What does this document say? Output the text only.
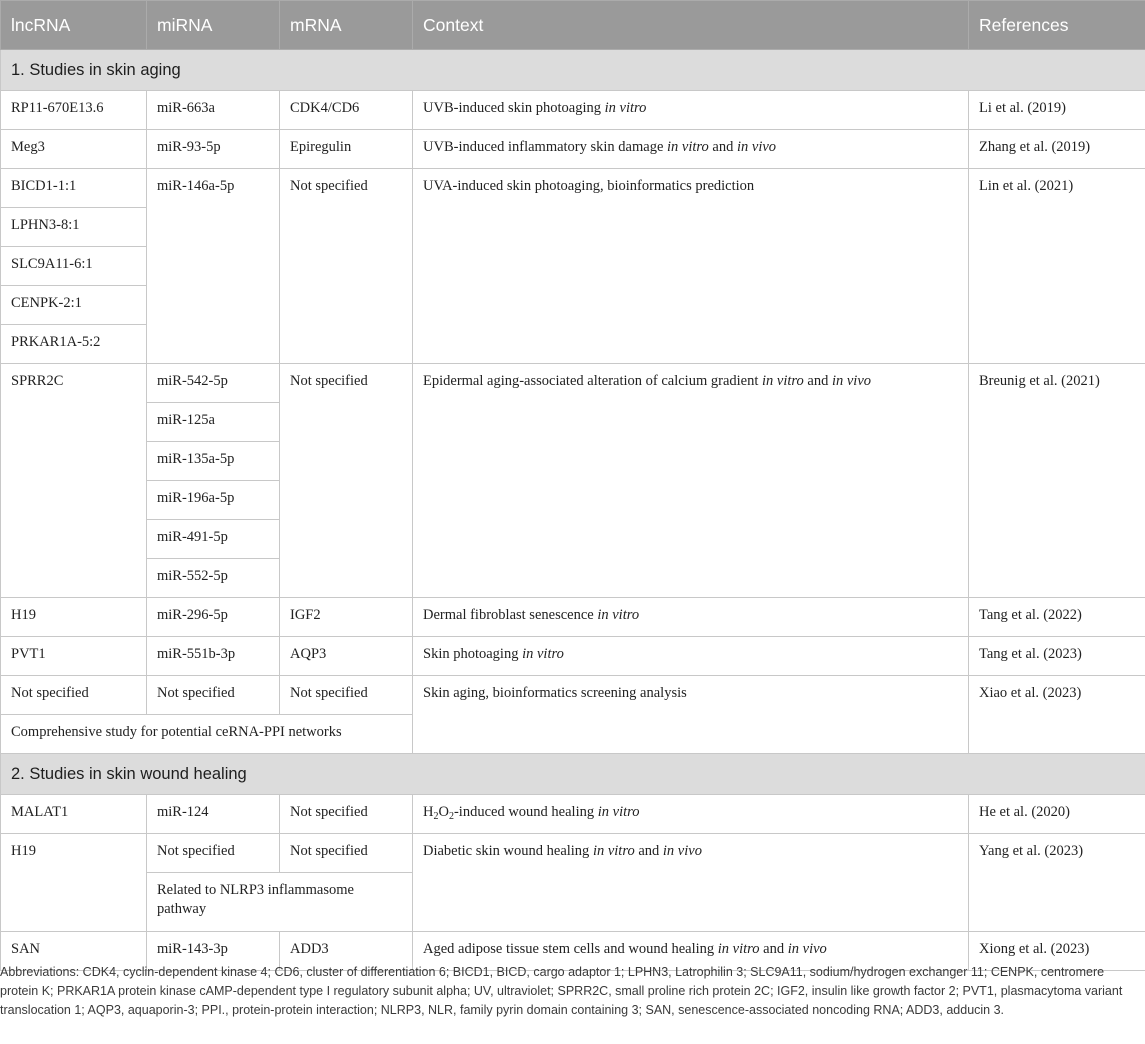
lncRNA	miRNA	mRNA	Context	References
1. Studies in skin aging				
RP11-670E13.6	miR-663a	CDK4/CD6	UVB-induced skin photoaging in vitro	Li et al. (2019)
Meg3	miR-93-5p	Epiregulin	UVB-induced inflammatory skin damage in vitro and in vivo	Zhang et al. (2019)
BICD1-1:1	miR-146a-5p	Not specified	UVA-induced skin photoaging, bioinformatics prediction	Lin et al. (2021)
LPHN3-8:1				
SLC9A11-6:1				
CENPK-2:1				
PRKAR1A-5:2				
SPRR2C	miR-542-5p	Not specified	Epidermal aging-associated alteration of calcium gradient in vitro and in vivo	Breunig et al. (2021)
	miR-125a			
	miR-135a-5p			
	miR-196a-5p			
	miR-491-5p			
	miR-552-5p			
H19	miR-296-5p	IGF2	Dermal fibroblast senescence in vitro	Tang et al. (2022)
PVT1	miR-551b-3p	AQP3	Skin photoaging in vitro	Tang et al. (2023)
Not specified	Not specified	Not specified	Skin aging, bioinformatics screening analysis	Xiao et al. (2023)
Comprehensive study for potential ceRNA-PPI networks				
2. Studies in skin wound healing				
MALAT1	miR-124	Not specified	$H_2O_2$-induced wound healing in vitro	He et al. (2020)
H19	Not specified	Not specified	Diabetic skin wound healing in vitro and in vivo	Yang et al. (2023)
	Related to NLRP3 inflammasome pathway			
SAN	miR-143-3p	ADD3	Aged adipose tissue stem cells and wound healing in vitro and in vivo	Xiong et al. (2023)

Abbreviations: CDK4, cyclin-dependent kinase 4; CD6, cluster of differentiation 6; BICD1, BICD, cargo adaptor 1; LPHN3, Latrophilin 3; SLC9A11, sodium/hydrogen exchanger 11; CENPK, centromere protein K; PRKAR1A protein kinase cAMP-dependent type I regulatory subunit alpha; UV, ultraviolet; SPRR2C, small proline rich protein 2C; IGF2, insulin like growth factor 2; PVT1, plasmacytoma variant translocation 1; AQP3, aquaporin-3; PPI., protein-protein interaction; NLRP3, NLR, family pyrin domain containing 3; SAN, senescence-associated noncoding RNA; ADD3, adducin 3.
